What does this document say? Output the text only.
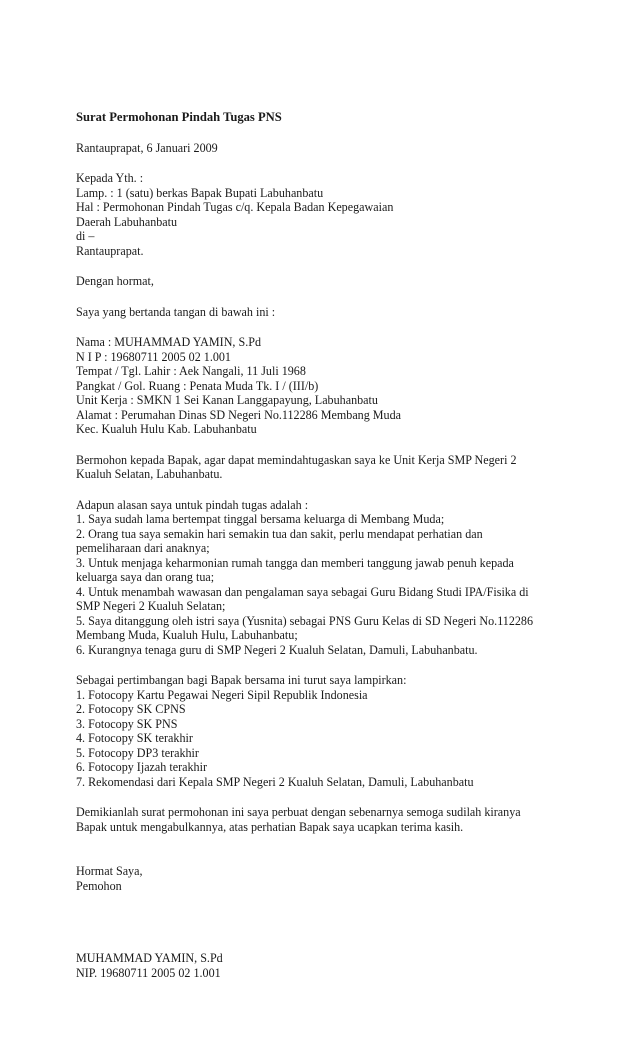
Surat Permohonan Pindah Tugas PNS

Rantauprapat, 6 Januari 2009

Kepada Yth. :

Lamp. : 1 (satu) berkas Bapak Bupati Labuhanbatu

Hal : Permohonan Pindah Tugas c/q. Kepala Badan Kepegawaian

Daerah Labuhanbatu

di –

Rantauprapat.

Dengan hormat,

Saya yang bertanda tangan di bawah ini :

Nama : MUHAMMAD YAMIN, S.Pd

N I P : 19680711 2005 02 1.001

Tempat / Tgl. Lahir : Aek Nangali, 11 Juli 1968

Pangkat / Gol. Ruang : Penata Muda Tk. I / (III/b)

Unit Kerja : SMKN 1 Sei Kanan Langgapayung, Labuhanbatu

Alamat : Perumahan Dinas SD Negeri No.112286 Membang Muda

Kec. Kualuh Hulu Kab. Labuhanbatu

Bermohon kepada Bapak, agar dapat memindahtugaskan saya ke Unit Kerja SMP Negeri 2

Kualuh Selatan, Labuhanbatu.

Adapun alasan saya untuk pindah tugas adalah :

1. Saya sudah lama bertempat tinggal bersama keluarga di Membang Muda;

2. Orang tua saya semakin hari semakin tua dan sakit, perlu mendapat perhatian dan

pemeliharaan dari anaknya;

3. Untuk menjaga keharmonian rumah tangga dan memberi tanggung jawab penuh kepada

keluarga saya dan orang tua;

4. Untuk menambah wawasan dan pengalaman saya sebagai Guru Bidang Studi IPA/Fisika di

SMP Negeri 2 Kualuh Selatan;

5. Saya ditanggung oleh istri saya (Yusnita) sebagai PNS Guru Kelas di SD Negeri No.112286

Membang Muda, Kualuh Hulu, Labuhanbatu;

6. Kurangnya tenaga guru di SMP Negeri 2 Kualuh Selatan, Damuli, Labuhanbatu.

Sebagai pertimbangan bagi Bapak bersama ini turut saya lampirkan:

1. Fotocopy Kartu Pegawai Negeri Sipil Republik Indonesia

2. Fotocopy SK CPNS

3. Fotocopy SK PNS

4. Fotocopy SK terakhir

5. Fotocopy DP3 terakhir

6. Fotocopy Ijazah terakhir

7. Rekomendasi dari Kepala SMP Negeri 2 Kualuh Selatan, Damuli, Labuhanbatu

Demikianlah surat permohonan ini saya perbuat dengan sebenarnya semoga sudilah kiranya

Bapak untuk mengabulkannya, atas perhatian Bapak saya ucapkan terima kasih.

Hormat Saya,

Pemohon

MUHAMMAD YAMIN, S.Pd

NIP. 19680711 2005 02 1.001
